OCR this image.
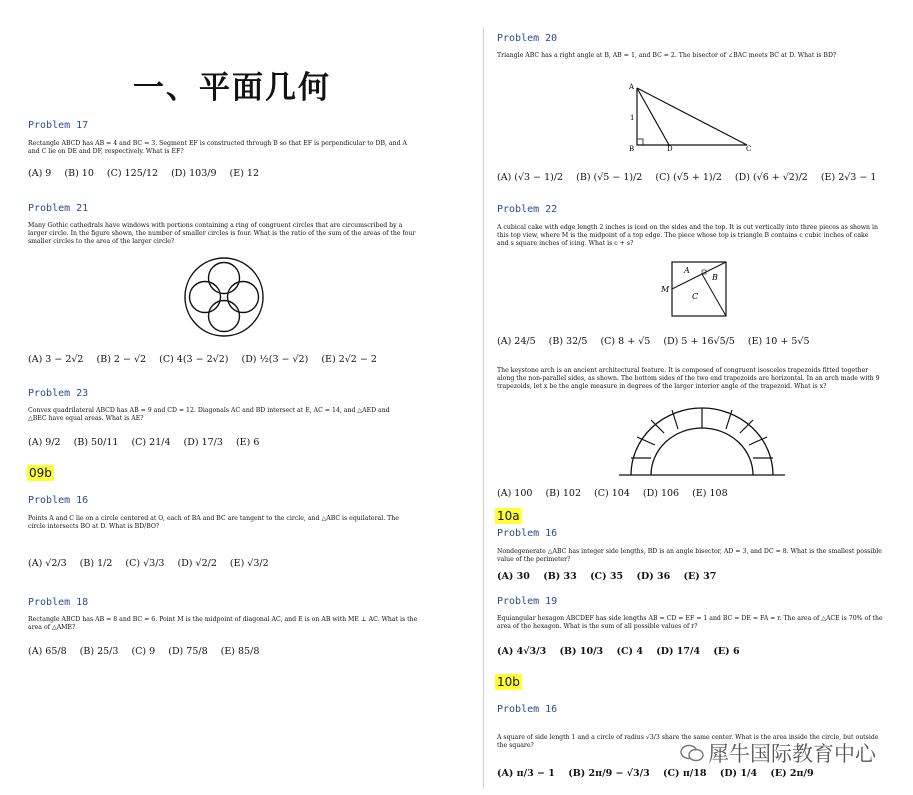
一、平面几何
Problem 17
Rectangle ABCD has AB = 4 and BC = 3. Segment EF is constructed through B so that EF is perpendicular to DB, and A and C lie on DE and DF, respectively. What is EF?
(A) 9 (B) 10 (C) 125/12 (D) 103/9 (E) 12
Problem 21
Many Gothic cathedrals have windows with portions containing a ring of congruent circles that are circumscribed by a larger circle. In the figure shown, the number of smaller circles is four. What is the ratio of the sum of the areas of the four smaller circles to the area of the larger circle?
(A) 3 − 2√2 (B) 2 − √2 (C) 4(3 − 2√2) (D) ½(3 − √2) (E) 2√2 − 2
Problem 23
Convex quadrilateral ABCD has AB = 9 and CD = 12. Diagonals AC and BD intersect at E, AC = 14, and △AED and △BEC have equal areas. What is AE?
(A) 9/2 (B) 50/11 (C) 21/4 (D) 17/3 (E) 6
09b
Problem 16
Points A and C lie on a circle centered at O, each of BA and BC are tangent to the circle, and △ABC is equilateral. The circle intersects BO at D. What is BD/BO?
(A) √2/3 (B) 1/2 (C) √3/3 (D) √2/2 (E) √3/2
Problem 18
Rectangle ABCD has AB = 8 and BC = 6. Point M is the midpoint of diagonal AC, and E is on AB with ME ⊥ AC. What is the area of △AME?
(A) 65/8 (B) 25/3 (C) 9 (D) 75/8 (E) 85/8
Problem 20
Triangle ABC has a right angle at B, AB = 1, and BC = 2. The bisector of ∠BAC meets BC at D. What is BD?
A
B	D	C
1
(A) (√3 − 1)/2 (B) (√5 − 1)/2 (C) (√5 + 1)/2 (D) (√6 + √2)/2 (E) 2√3 − 1
Problem 22
A cubical cake with edge length 2 inches is iced on the sides and the top. It is cut vertically into three pieces as shown in this top view, where M is the midpoint of a top edge. The piece whose top is triangle B contains c cubic inches of cake and s square inches of icing. What is c + s?
A
B
C
M
(A) 24/5 (B) 32/5 (C) 8 + √5 (D) 5 + 16√5/5 (E) 10 + 5√5
The keystone arch is an ancient architectural feature. It is composed of congruent isosceles trapezoids fitted together along the non-parallel sides, as shown. The bottom sides of the two end trapezoids are horizontal. In an arch made with 9 trapezoids, let x be the angle measure in degrees of the larger interior angle of the trapezoid. What is x?
(A) 100 (B) 102 (C) 104 (D) 106 (E) 108
10a
Problem 16
Nondegenerate △ABC has integer side lengths, BD is an angle bisector, AD = 3, and DC = 8. What is the smallest possible value of the perimeter?
(A) 30 (B) 33 (C) 35 (D) 36 (E) 37
Problem 19
Equiangular hexagon ABCDEF has side lengths AB = CD = EF = 1 and BC = DE = FA = r. The area of △ACE is 70% of the area of the hexagon. What is the sum of all possible values of r?
(A) 4√3/3 (B) 10/3 (C) 4 (D) 17/4 (E) 6
10b
Problem 16
A square of side length 1 and a circle of radius √3/3 share the same center. What is the area inside the circle, but outside the square?
(A) π/3 − 1 (B) 2π/9 − √3/3 (C) π/18 (D) 1/4 (E) 2π/9
犀牛国际教育中心
